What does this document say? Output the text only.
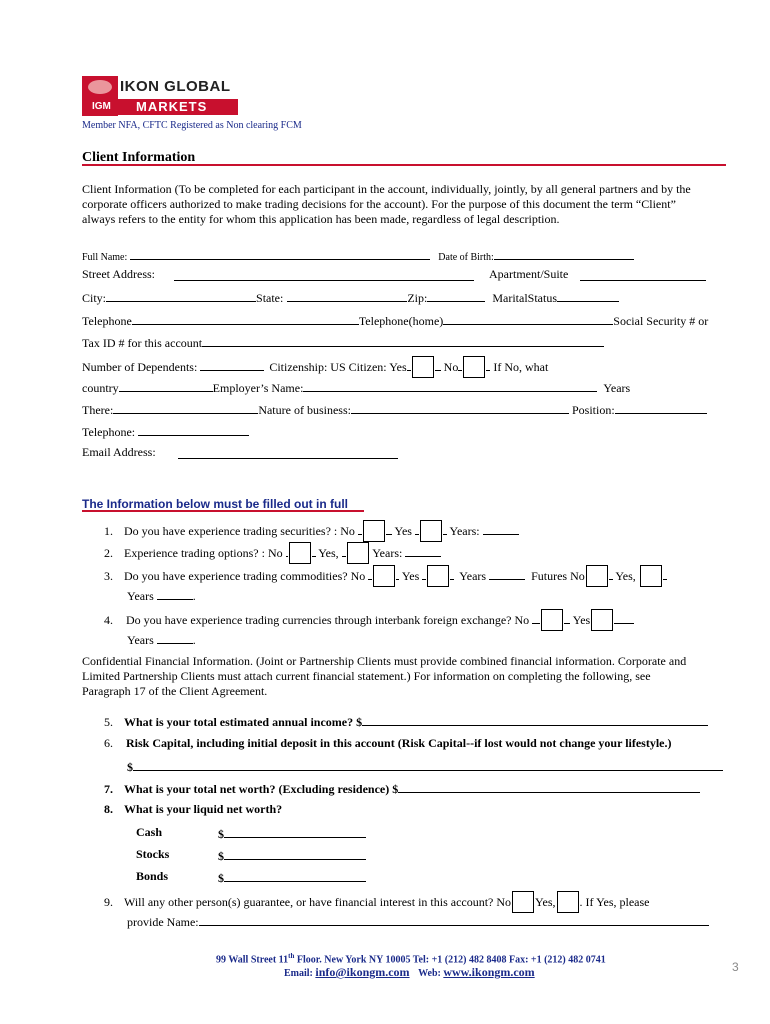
IKON GLOBAL
IGM MARKETS
Member NFA, CFTC Registered as Non clearing FCM
Client Information
Client Information (To be completed for each participant in the account, individually, jointly, by all general partners and by the
corporate officers authorized to make trading decisions for the account). For the purpose of this document the term “Client”
always refers to the entity for whom this application has been made, regardless of legal description.
Full Name:	Date of Birth:
Street Address:	Apartment/Suite
City:	State:	Zip:	MaritalStatus
Telephone	Telephone(home)	Social Security # or
Tax ID # for this account
Number of Dependents:	Citizenship: US Citizen: Yes	No	If No, what
country	Employer’s Name:	Years
There:	Nature of business:	Position:
Telephone:
Email Address:
The Information below must be filled out in full
1. Do you have experience trading securities? : No	Yes	Years:
2. Experience trading options? : No	Yes,	Years:
3. Do you have experience trading commodities? No	Yes	Years	Futures No	Yes,
Years	.
4. Do you have experience trading currencies through interbank foreign exchange? No	Yes
Years	.
Confidential Financial Information. (Joint or Partnership Clients must provide combined financial information. Corporate and
Limited Partnership Clients must attach current financial statement.) For information on completing the following, see
Paragraph 17 of the Client Agreement.
5. What is your total estimated annual income? $
6. Risk Capital, including initial deposit in this account (Risk Capital--if lost would not change your lifestyle.)
$
7. What is your total net worth? (Excluding residence) $
8. What is your liquid net worth?
Cash	$
Stocks	$
Bonds	$
9. Will any other person(s) guarantee, or have financial interest in this account? No Yes, . If Yes, please
provide Name:
99 Wall Street 11th Floor. New York NY 10005 Tel: +1 (212) 482 8408 Fax: +1 (212) 482 0741
Email: info@ikongm.com Web: www.ikongm.com	3
